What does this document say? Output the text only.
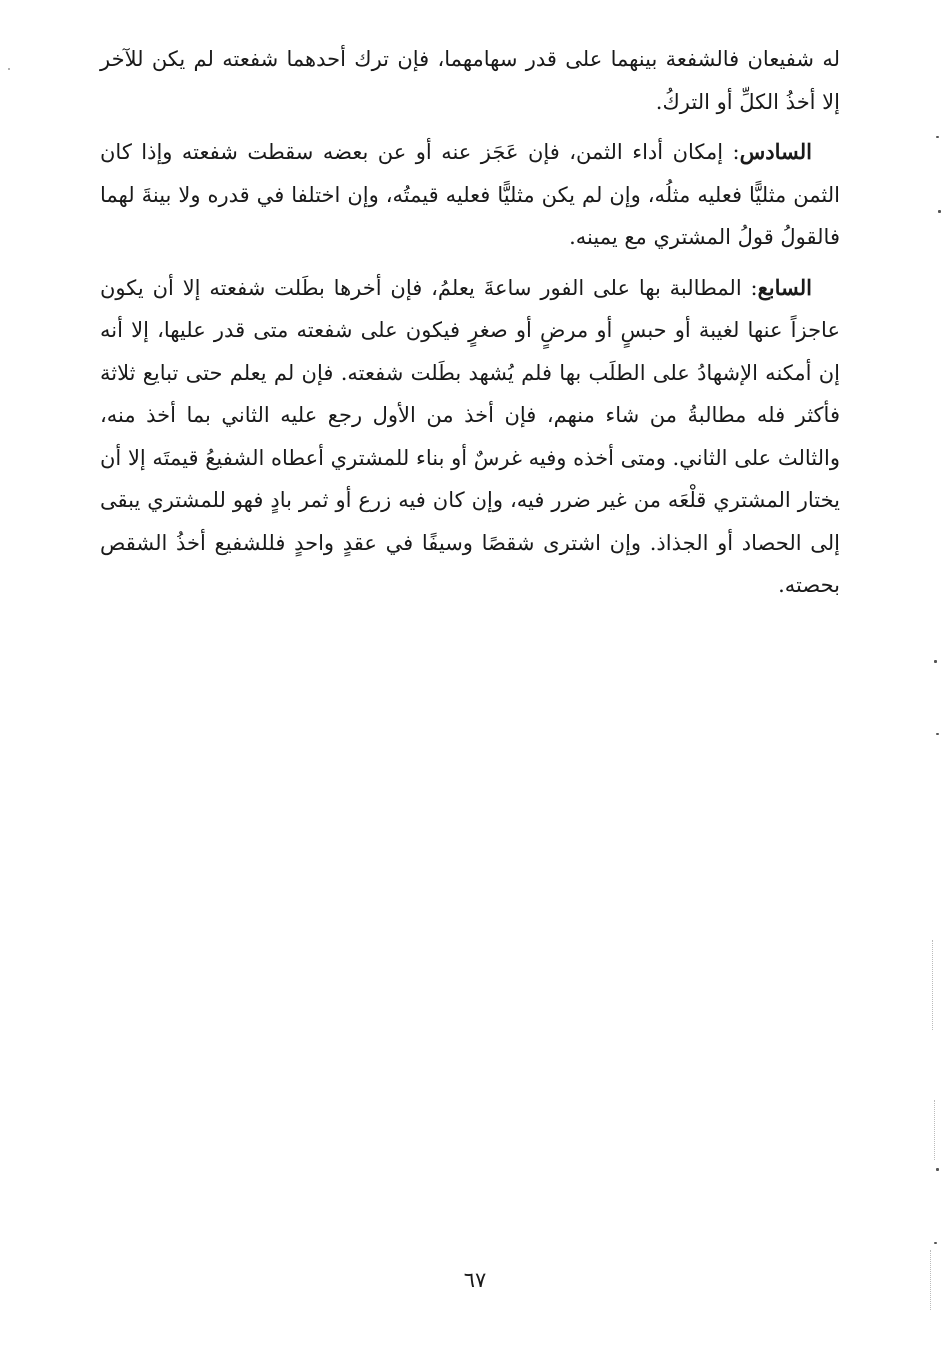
له شفيعان فالشفعة بينهما على قدر سهامهما، فإن ترك أحدهما شفعته لم يكن للآخر إلا أخذُ الكلِّ أو التركُ.

السادس: إمكان أداء الثمن، فإن عَجَز عنه أو عن بعضه سقطت شفعته وإذا كان الثمن مثليًّا فعليه مثلُه، وإن لم يكن مثليًّا فعليه قيمتُه، وإن اختلفا في قدره ولا بينةَ لهما فالقولُ قولُ المشتري مع يمينه.

السابع: المطالبة بها على الفور ساعةَ يعلمُ، فإن أخرها بطَلت شفعته إلا أن يكون عاجزاً عنها لغيبة أو حبسٍ أو مرضٍ أو صغرٍ فيكون على شفعته متى قدر عليها، إلا أنه إن أمكنه الإشهادُ على الطلَب بها فلم يُشهد بطَلت شفعته. فإن لم يعلم حتى تبايع ثلاثة فأكثر فله مطالبةُ من شاء منهم، فإن أخذ من الأول رجع عليه الثاني بما أخذ منه، والثالث على الثاني. ومتى أخذه وفيه غرسٌ أو بناء للمشتري أعطاه الشفيعُ قيمتَه إلا أن يختار المشتري قلْعَه من غير ضرر فيه، وإن كان فيه زرع أو ثمر بادٍ فهو للمشتري يبقى إلى الحصاد أو الجذاذ. وإن اشترى شقصًا وسيفًا في عقدٍ واحدٍ فللشفيع أخذُ الشقص بحصته.

٦٧
